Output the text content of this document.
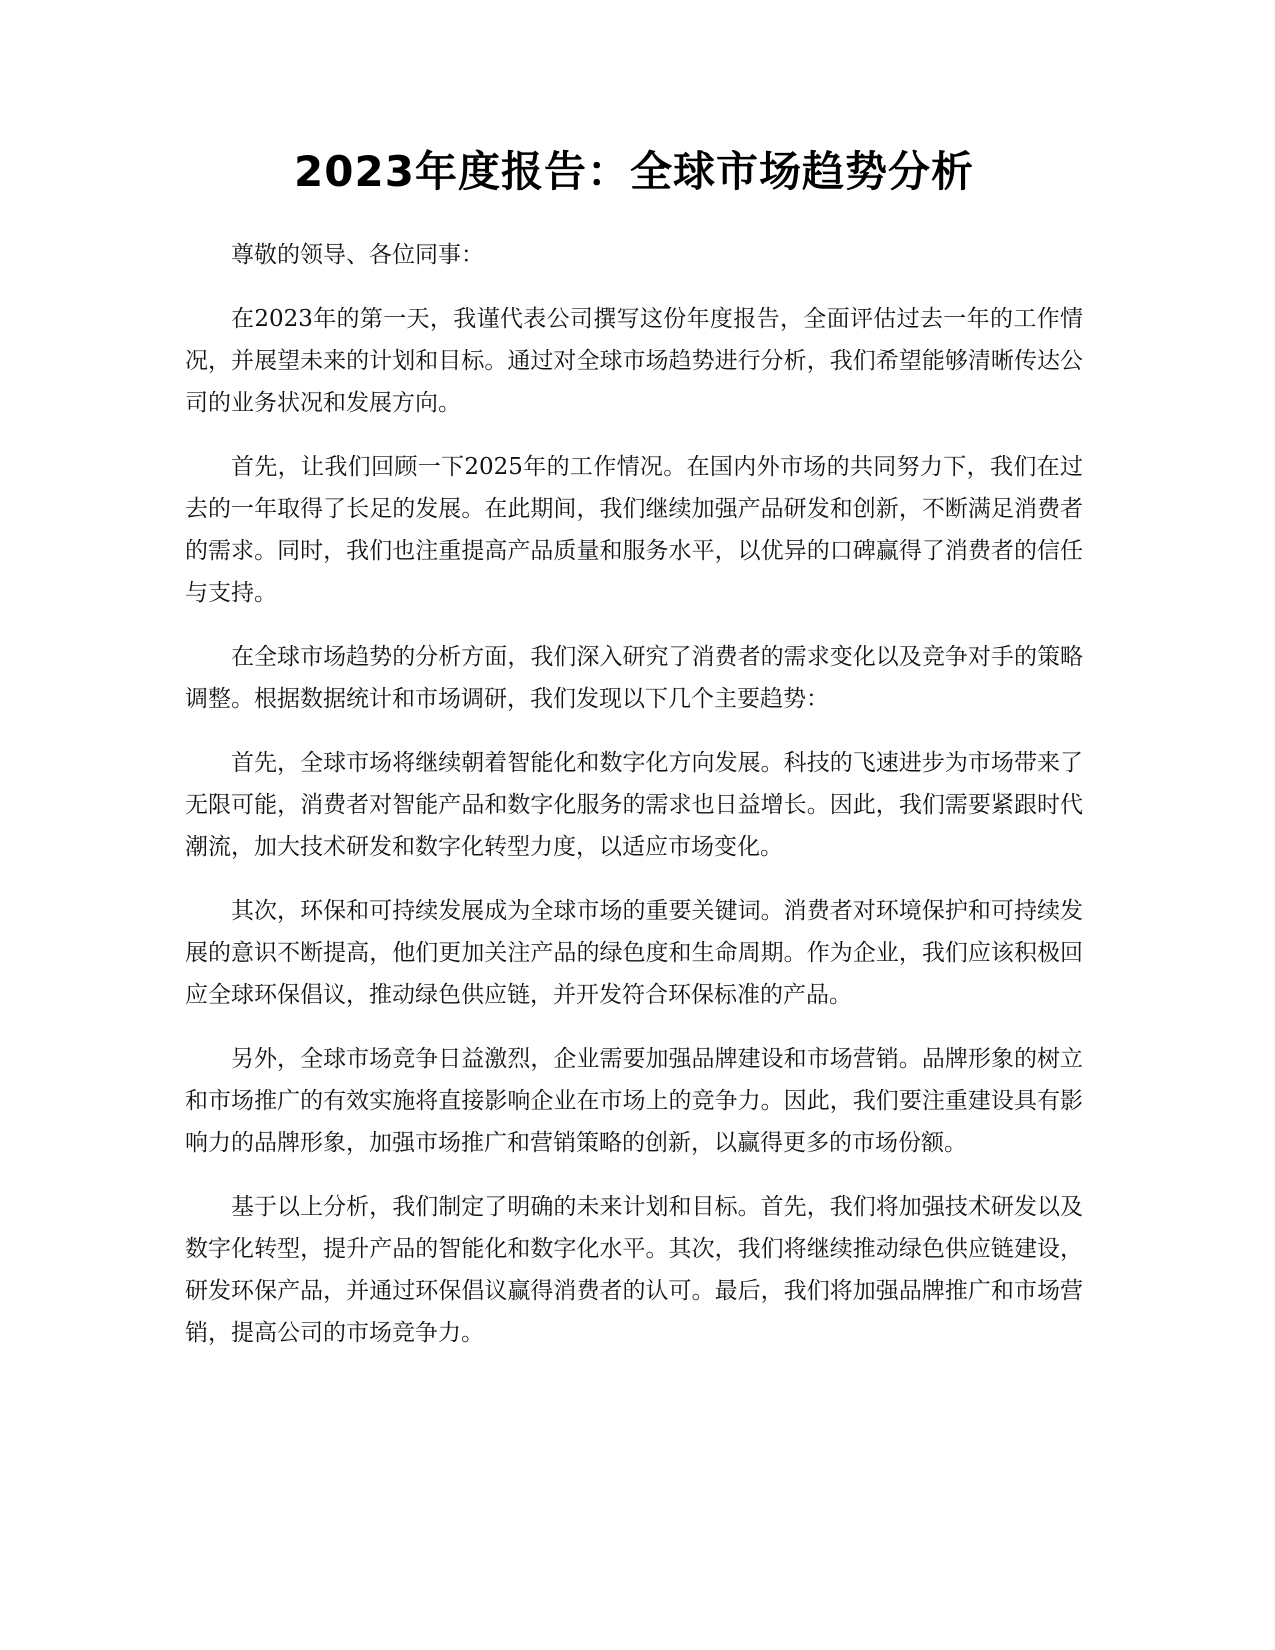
2023年度报告：全球市场趋势分析

尊敬的领导、各位同事：

在2023年的第一天，我谨代表公司撰写这份年度报告，全面评估过去一年的工作情况，并展望未来的计划和目标。通过对全球市场趋势进行分析，我们希望能够清晰传达公司的业务状况和发展方向。

首先，让我们回顾一下2025年的工作情况。在国内外市场的共同努力下，我们在过去的一年取得了长足的发展。在此期间，我们继续加强产品研发和创新，不断满足消费者的需求。同时，我们也注重提高产品质量和服务水平，以优异的口碑赢得了消费者的信任与支持。

在全球市场趋势的分析方面，我们深入研究了消费者的需求变化以及竞争对手的策略调整。根据数据统计和市场调研，我们发现以下几个主要趋势：

首先，全球市场将继续朝着智能化和数字化方向发展。科技的飞速进步为市场带来了无限可能，消费者对智能产品和数字化服务的需求也日益增长。因此，我们需要紧跟时代潮流，加大技术研发和数字化转型力度，以适应市场变化。

其次，环保和可持续发展成为全球市场的重要关键词。消费者对环境保护和可持续发展的意识不断提高，他们更加关注产品的绿色度和生命周期。作为企业，我们应该积极回应全球环保倡议，推动绿色供应链，并开发符合环保标准的产品。

另外，全球市场竞争日益激烈，企业需要加强品牌建设和市场营销。品牌形象的树立和市场推广的有效实施将直接影响企业在市场上的竞争力。因此，我们要注重建设具有影响力的品牌形象，加强市场推广和营销策略的创新，以赢得更多的市场份额。

基于以上分析，我们制定了明确的未来计划和目标。首先，我们将加强技术研发以及数字化转型，提升产品的智能化和数字化水平。其次，我们将继续推动绿色供应链建设，研发环保产品，并通过环保倡议赢得消费者的认可。最后，我们将加强品牌推广和市场营销，提高公司的市场竞争力。
